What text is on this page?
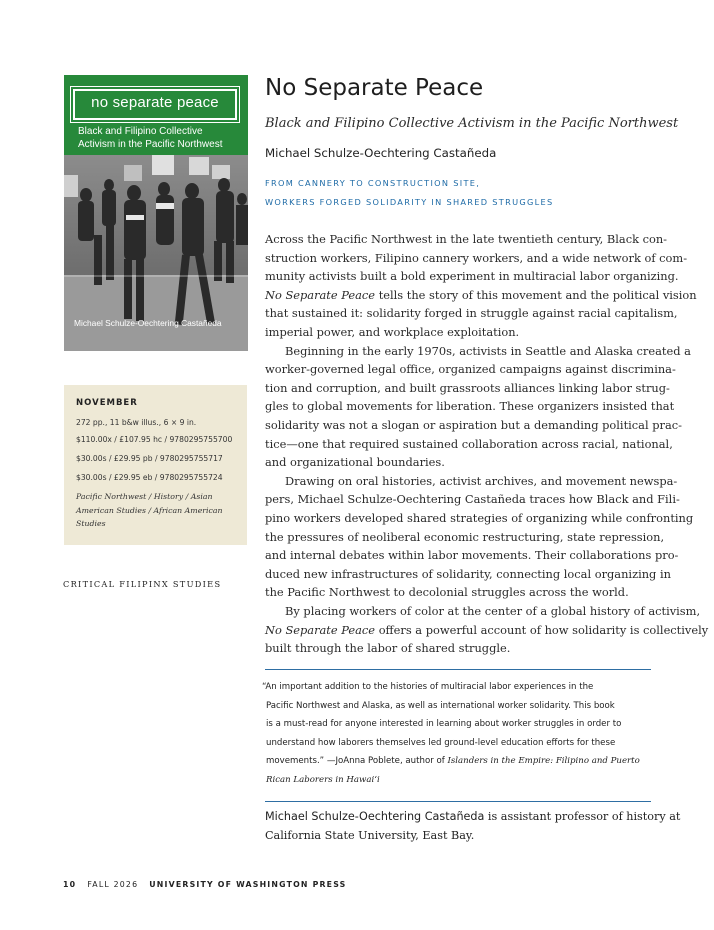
no separate peace
Black and Filipino Collective
Activism in the Pacific Northwest
Michael Schulze-Oechtering Castañeda
NOVEMBER
272 pp., 11 b&w illus., 6 × 9 in.
$110.00x / £107.95 hc / 9780295755700
$30.00s / £29.95 pb / 9780295755717
$30.00s / £29.95 eb / 9780295755724
Pacific Northwest / History / Asian
American Studies / African American
Studies
CRITICAL FILIPINX STUDIES
No Separate Peace
Black and Filipino Collective Activism in the Pacific Northwest
Michael Schulze-Oechtering Castañeda
FROM CANNERY TO CONSTRUCTION SITE,
WORKERS FORGED SOLIDARITY IN SHARED STRUGGLES
Across the Pacific Northwest in the late twentieth century, Black con-
struction workers, Filipino cannery workers, and a wide network of com-
munity activists built a bold experiment in multiracial labor organizing.
No Separate Peace tells the story of this movement and the political vision
that sustained it: solidarity forged in struggle against racial capitalism,
imperial power, and workplace exploitation.
Beginning in the early 1970s, activists in Seattle and Alaska created a
worker-governed legal office, organized campaigns against discrimina-
tion and corruption, and built grassroots alliances linking labor strug-
gles to global movements for liberation. These organizers insisted that
solidarity was not a slogan or aspiration but a demanding political prac-
tice—one that required sustained collaboration across racial, national,
and organizational boundaries.
Drawing on oral histories, activist archives, and movement newspa-
pers, Michael Schulze-Oechtering Castañeda traces how Black and Fili-
pino workers developed shared strategies of organizing while confronting
the pressures of neoliberal economic restructuring, state repression,
and internal debates within labor movements. Their collaborations pro-
duced new infrastructures of solidarity, connecting local organizing in
the Pacific Northwest to decolonial struggles across the world.
By placing workers of color at the center of a global history of activism,
No Separate Peace offers a powerful account of how solidarity is collectively
built through the labor of shared struggle.
“An important addition to the histories of multiracial labor experiences in the
Pacific Northwest and Alaska, as well as international worker solidarity. This book
is a must-read for anyone interested in learning about worker struggles in order to
understand how laborers themselves led ground-level education efforts for these
movements.” —JoAnna Poblete, author of Islanders in the Empire: Filipino and Puerto
Rican Laborers in Hawai‘i
Michael Schulze-Oechtering Castañeda is assistant professor of history at
California State University, East Bay.
10 FALL 2026 UNIVERSITY OF WASHINGTON PRESS
